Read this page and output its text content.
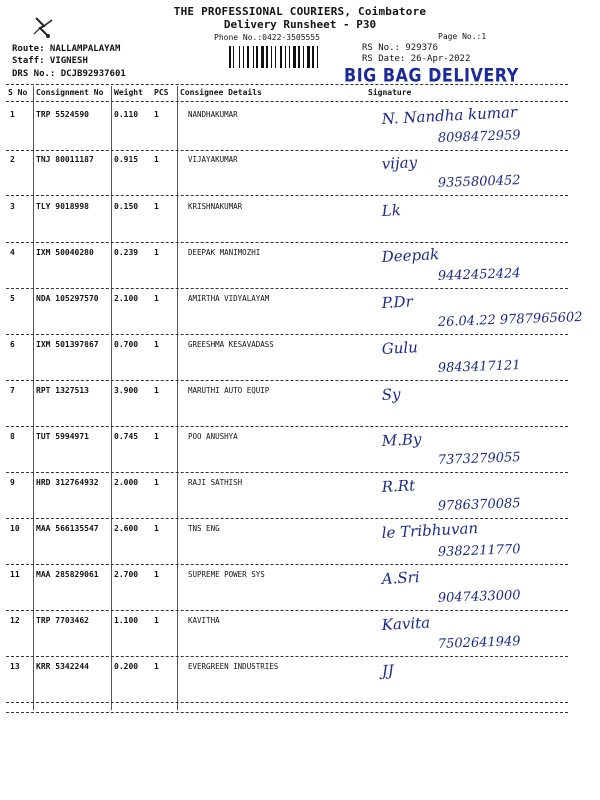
THE PROFESSIONAL COURIERS, Coimbatore
Delivery Runsheet - P30
Phone No.:0422-3505555	Page No.:1
Route: NALLAMPALAYAM
Staff: VIGNESH
DRS No.: DCJB92937601
RS No.: 929376
RS Date: 26-Apr-2022
BIG BAG DELIVERY
S No Consignment No Weight PCS Consignee Details	Signature
1	TRP 5524590	0.110 1	NANDHAKUMAR	N. Nandha kumar
8098472959
2	TNJ 80011187	0.915 1	VIJAYAKUMAR	vijay
9355800452
3	TLY 9018998	0.150 1	KRISHNAKUMAR	Lk
4	IXM 50040280	0.239 1	DEEPAK MANIMOZHI	Deepak
9442452424
5	NDA 105297570 2.100 1	AMIRTHA VIDYALAYAM	P.Dr
26.04.22 9787965602
6	IXM 501397867 0.700 1	GREESHMA KESAVADASS	Gulu
9843417121
7	RPT 1327513	3.900 1	MARUTHI AUTO EQUIP	Sy
8	TUT 5994971	0.745 1	POO ANUSHYA	M.By
7373279055
9	HRD 312764932 2.000 1	RAJI SATHISH	R.Rt
9786370085
10 MAA 566135547 2.600 1	TNS ENG	le Tribhuvan
9382211770
11 MAA 285829061 2.700 1	SUPREME POWER SYS	A.Sri
9047433000
12 TRP 7703462	1.100 1	KAVITHA	Kavita
7502641949
13 KRR 5342244	0.200 1	EVERGREEN INDUSTRIES	JJ
